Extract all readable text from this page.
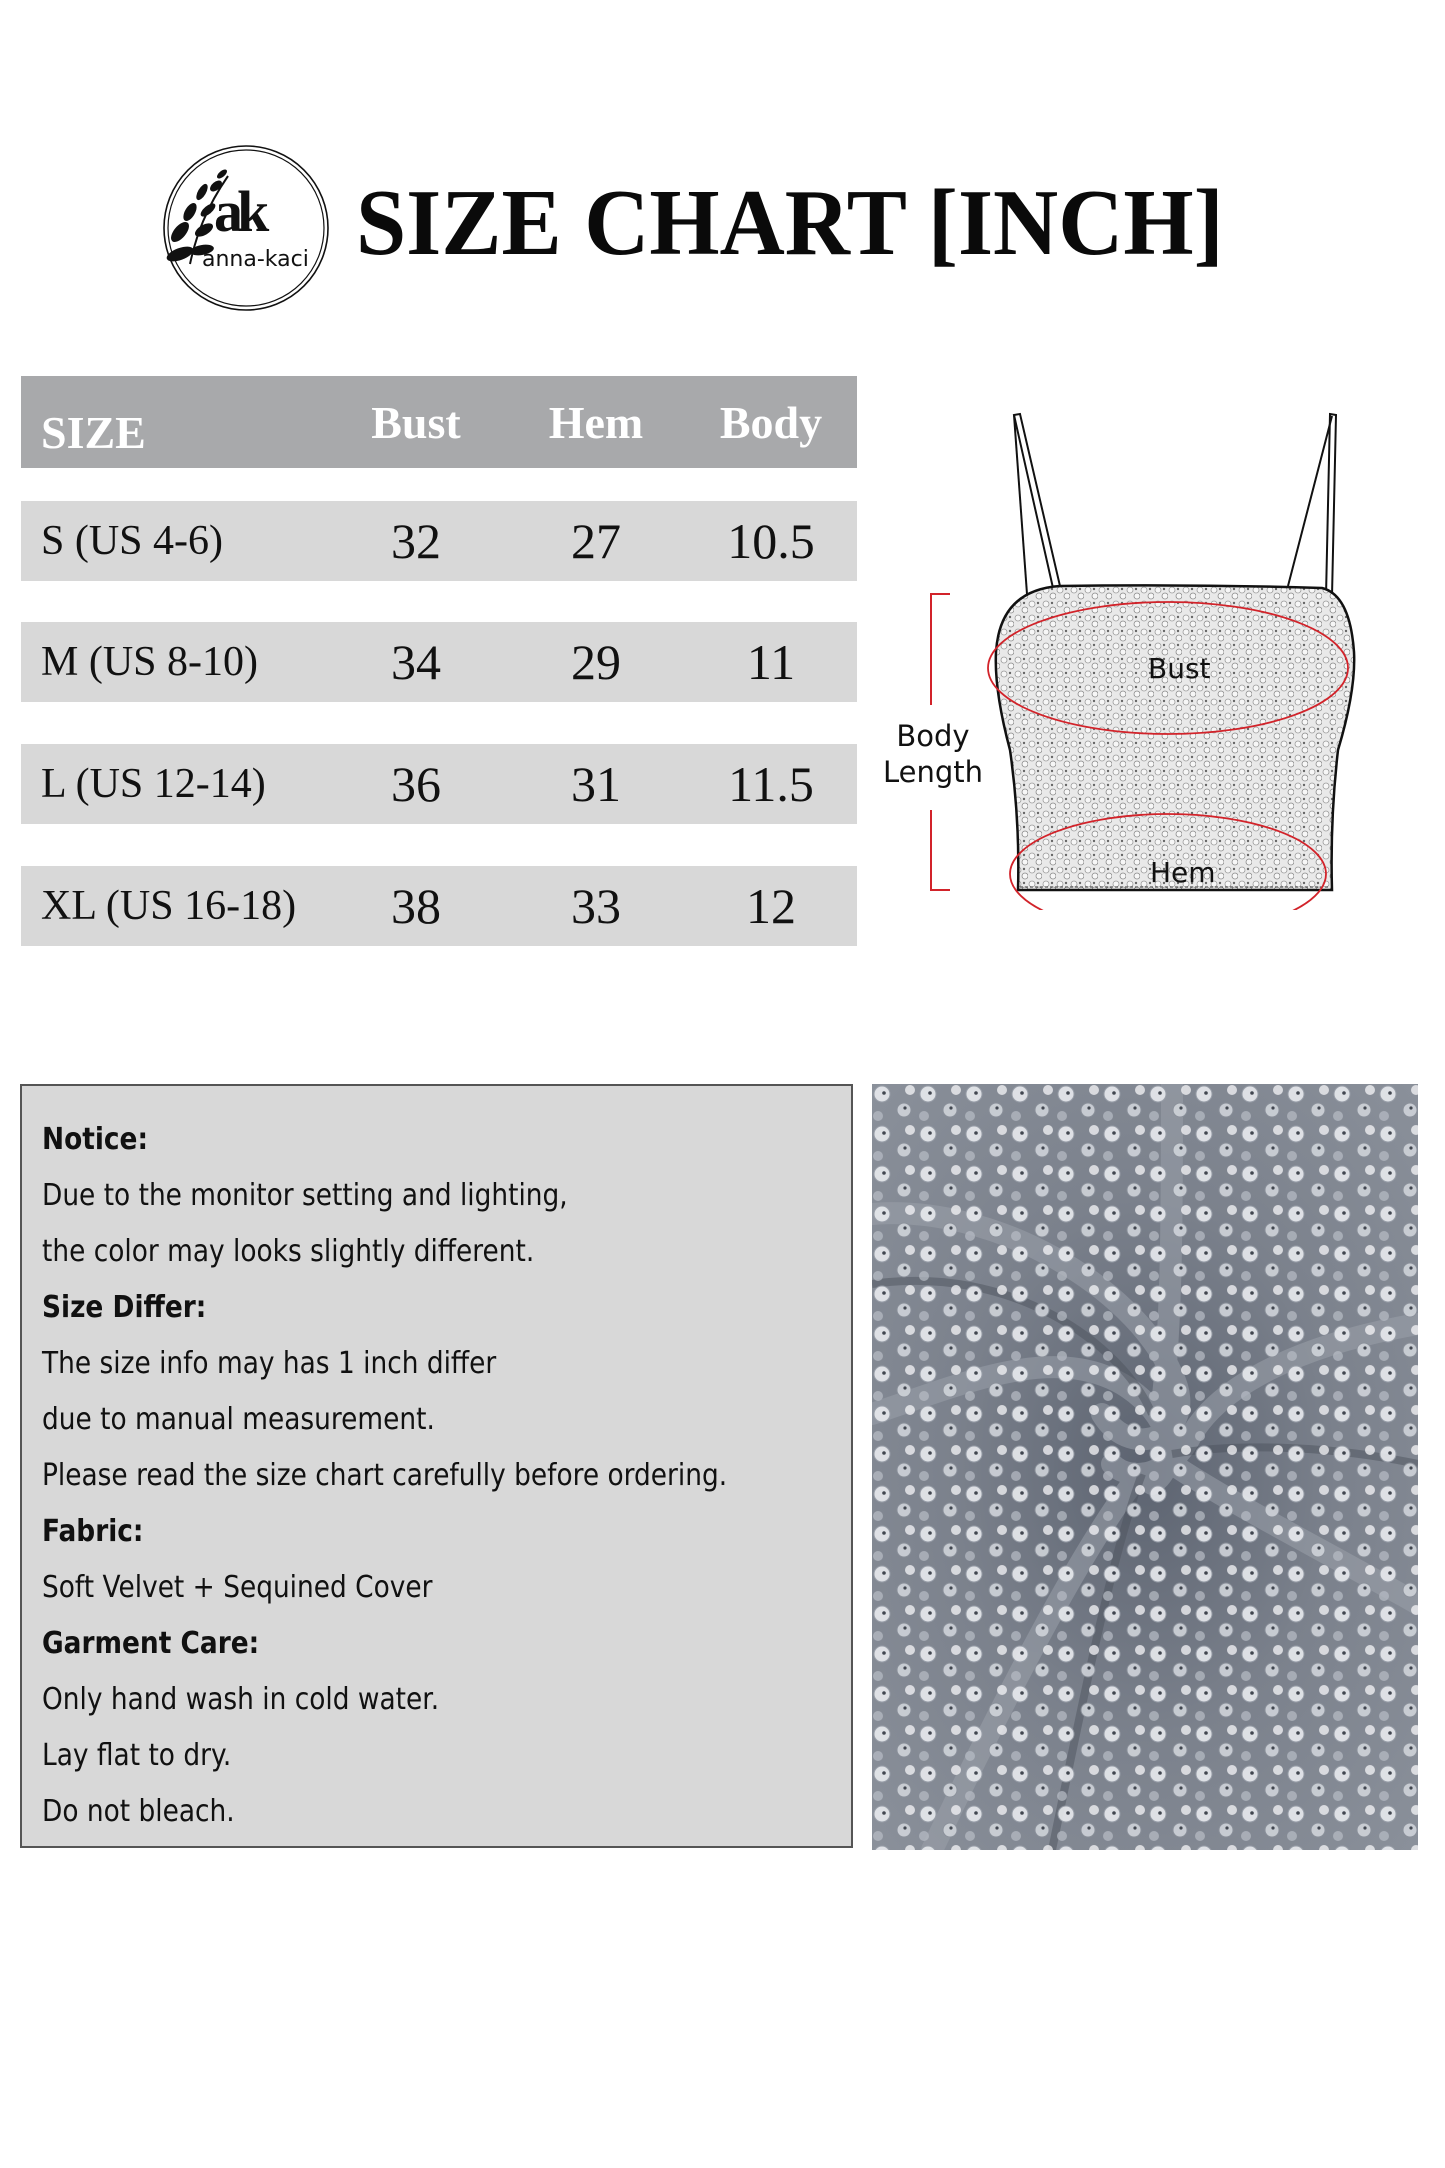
ak
anna-kaci SIZE CHART [INCH]
SIZE	Bust	Hem	Body
S (US 4-6)	32	27	10.5
M (US 8-10)	34	29	11
L (US 12-14)	36	31	11.5
XL (US 16-18)	38	33	12
Bust
Hem
Body
Length
Notice:
Due to the monitor setting and lighting,
the color may looks slightly different.
Size Differ:
The size info may has 1 inch differ
due to manual measurement.
Please read the size chart carefully before ordering.
Fabric:
Soft Velvet + Sequined Cover
Garment Care:
Only hand wash in cold water.
Lay flat to dry.
Do not bleach.
